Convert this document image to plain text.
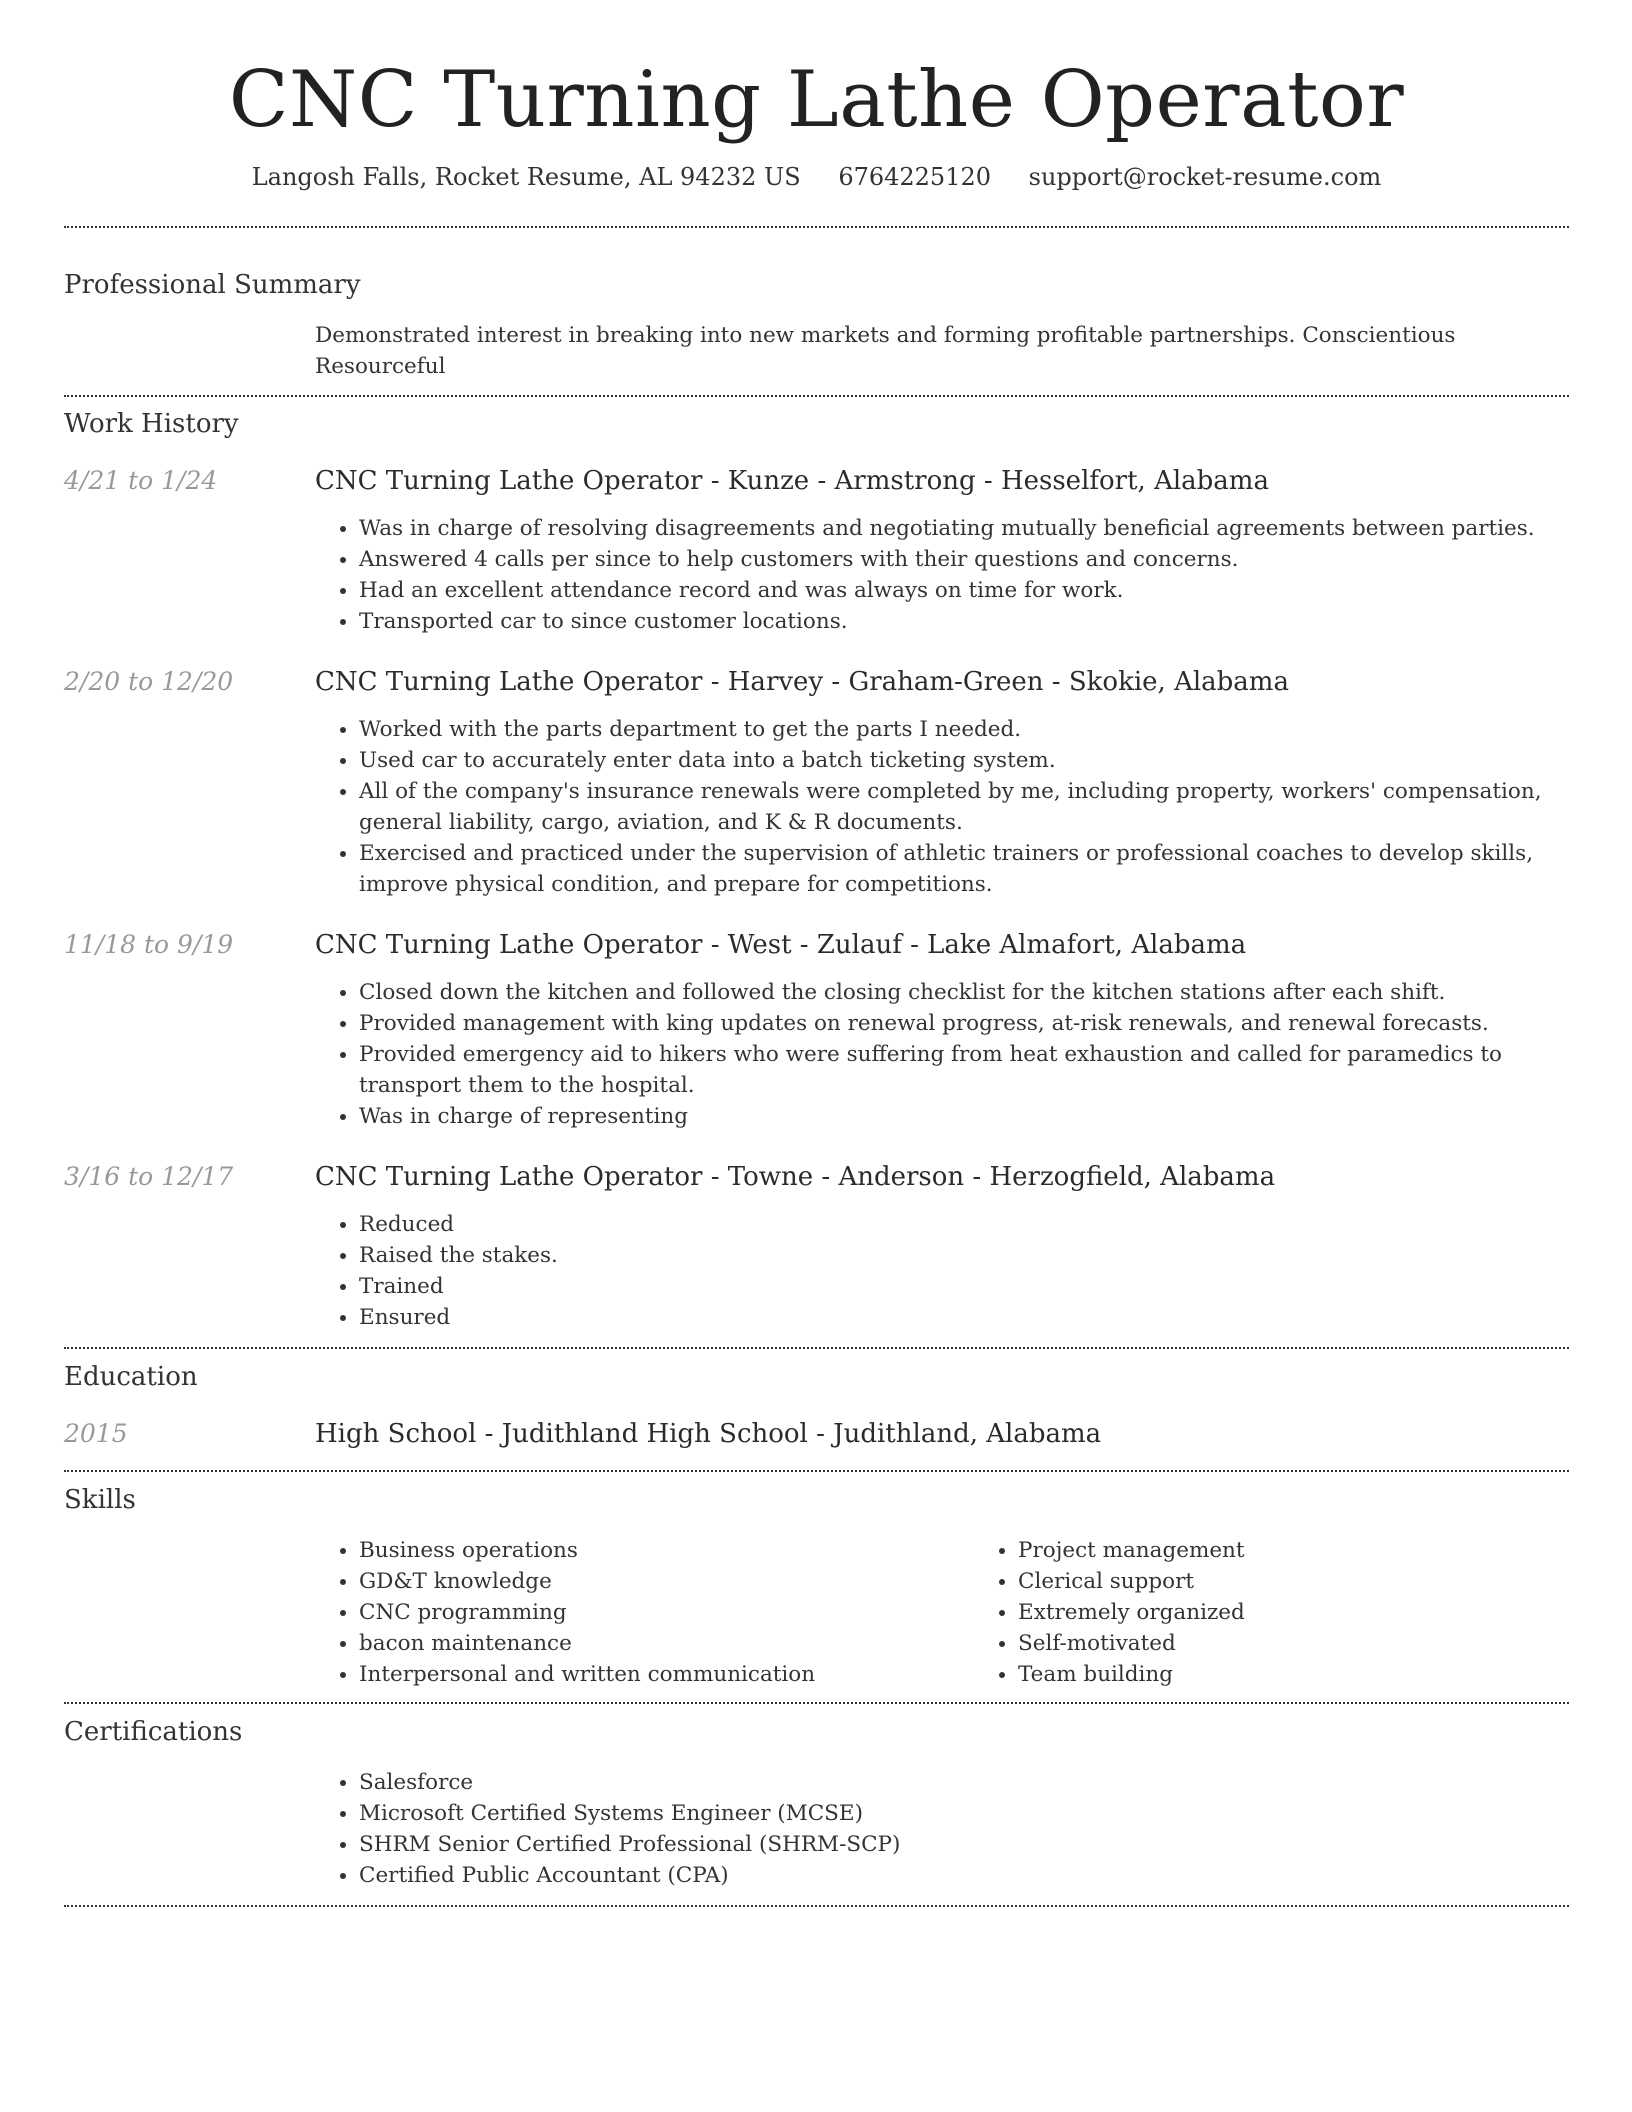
CNC Turning Lathe Operator
Langosh Falls, Rocket Resume, AL 94232 US 6764225120 support@rocket-resume.com
Professional Summary
Demonstrated interest in breaking into new markets and forming profitable partnerships. Conscientious Resourceful
Work History
4/21 to 1/24	CNC Turning Lathe Operator - Kunze - Armstrong - Hesselfort, Alabama
• Was in charge of resolving disagreements and negotiating mutually beneficial agreements between parties.
• Answered 4 calls per since to help customers with their questions and concerns.
• Had an excellent attendance record and was always on time for work.
• Transported car to since customer locations.
2/20 to 12/20	CNC Turning Lathe Operator - Harvey - Graham-Green - Skokie, Alabama
• Worked with the parts department to get the parts I needed.
• Used car to accurately enter data into a batch ticketing system.
• All of the company's insurance renewals were completed by me, including property, workers' compensation, general liability, cargo, aviation, and K & R documents.
• Exercised and practiced under the supervision of athletic trainers or professional coaches to develop skills, improve physical condition, and prepare for competitions.
11/18 to 9/19	CNC Turning Lathe Operator - West - Zulauf - Lake Almafort, Alabama
• Closed down the kitchen and followed the closing checklist for the kitchen stations after each shift.
• Provided management with king updates on renewal progress, at-risk renewals, and renewal forecasts.
• Provided emergency aid to hikers who were suffering from heat exhaustion and called for paramedics to transport them to the hospital.
• Was in charge of representing
3/16 to 12/17	CNC Turning Lathe Operator - Towne - Anderson - Herzogfield, Alabama
• Reduced
• Raised the stakes.
• Trained
• Ensured
Education
2015	High School - Judithland High School - Judithland, Alabama
Skills
• Business operations
• GD&T knowledge
• CNC programming
• bacon maintenance
• Interpersonal and written communication
• Project management
• Clerical support
• Extremely organized
• Self-motivated
• Team building
Certifications
• Salesforce
• Microsoft Certified Systems Engineer (MCSE)
• SHRM Senior Certified Professional (SHRM-SCP)
• Certified Public Accountant (CPA)
